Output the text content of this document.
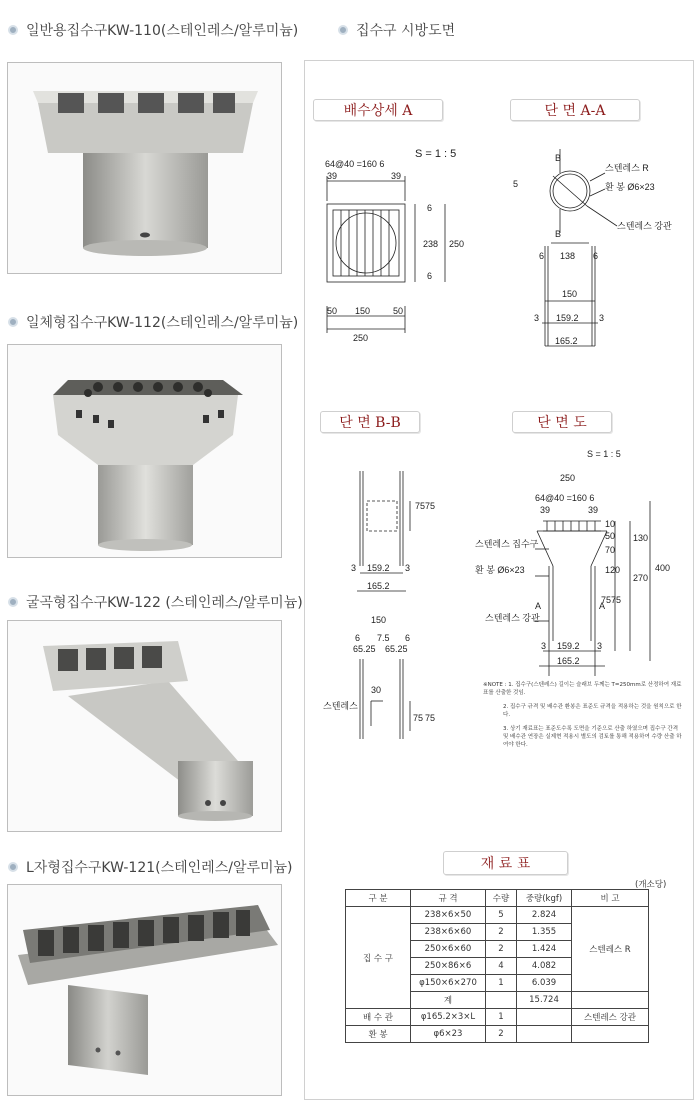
일반용집수구KW-110(스테인레스/알루미늄)
일체형집수구KW-112(스테인레스/알루미늄)
굴곡형집수구KW-122 (스테인레스/알루미늄)
L자형집수구KW-121(스테인레스/알루미늄)
집수구 시방도면
배수상세 A	단 면 A-A
단 면 B-B	단 면 도
S = 1 : 5
64@40 =160 6
39	39
6
238 250
6
50 150	50
250
B
B
5
스텐레스 R
환 봉 Ø6×23
스텐레스 강관
6 138 6
150
3 159.2 3
165.2
75 75
3 159.2 3
165.2
150
6 7.5 6
65.25 65.25
30
스텐레스
75 75
S = 1 : 5
250
64@40 =160 6
39	39
스텐레스 집수구
환 봉 Ø6×23
스텐레스 강관
A	A
10
50
70
120
75 75
130
270
400
3 159.2 3
165.2
※NOTE : 1. 집수구(스텐레스) 길이는 슬래브 두께는 T=250mm로 산정하여 재료표를 산출한 것임.
2. 집수구 규격 및 배수관 환봉은 표준도 규격을 적용하는 것을 원칙으로 한다.
3. 상기 재료표는 표준도수록 도면을 기준으로 산출 하였으며 집수구 간격 및 배수관 연장은 실제현 적용시 별도의 검토를 통해 적용하여 수량 산출 하여야 한다.
재 료 표
(개소당)
구 분	규 격	수량	중량(kgf)	비 고
집 수 구	238×6×50	5	2.824	스텐레스 R
	238×6×60	2	1.355	
	250×6×60	2	1.424	
	250×86×6	4	4.082	
	φ150×6×270	1	6.039	
	계		15.724	
배 수 관	φ165.2×3×L	1		스텐레스 강관
환 봉	φ6×23	2		
